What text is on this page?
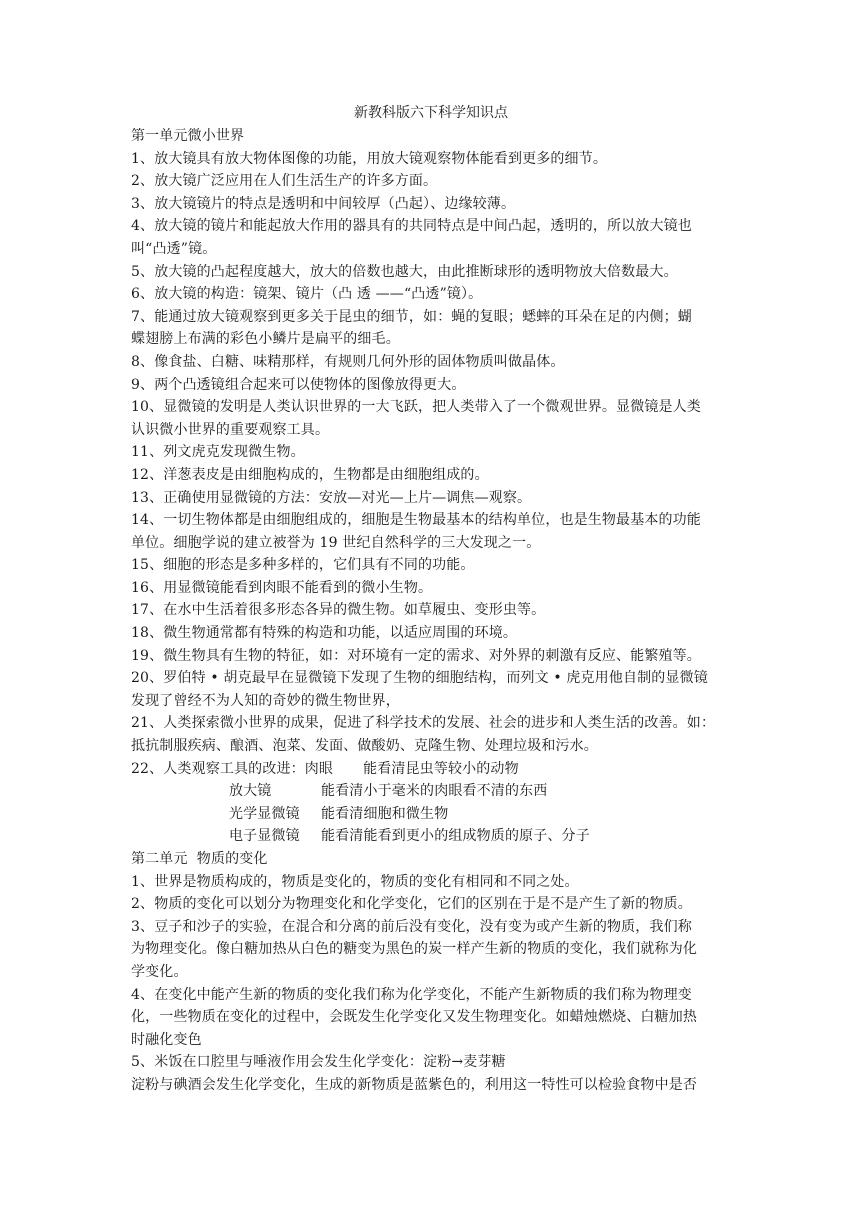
新教科版六下科学知识点
第一单元微小世界
1、放大镜具有放大物体图像的功能，用放大镜观察物体能看到更多的细节。
2、放大镜广泛应用在人们生活生产的许多方面。
3、放大镜镜片的特点是透明和中间较厚（凸起）、边缘较薄。
4、放大镜的镜片和能起放大作用的器具有的共同特点是中间凸起，透明的，所以放大镜也
叫“凸透”镜。
5、放大镜的凸起程度越大，放大的倍数也越大，由此推断球形的透明物放大倍数最大。
6、放大镜的构造：镜架、镜片（凸 透 ——“凸透”镜）。
7、能通过放大镜观察到更多关于昆虫的细节，如：蝇的复眼；蟋蟀的耳朵在足的内侧；蝴
蝶翅膀上布满的彩色小鳞片是扁平的细毛。
8、像食盐、白糖、味精那样，有规则几何外形的固体物质叫做晶体。
9、两个凸透镜组合起来可以使物体的图像放得更大。
10、显微镜的发明是人类认识世界的一大飞跃，把人类带入了一个微观世界。显微镜是人类
认识微小世界的重要观察工具。
11、列文虎克发现微生物。
12、洋葱表皮是由细胞构成的，生物都是由细胞组成的。
13、正确使用显微镜的方法：安放—对光—上片—调焦—观察。
14、一切生物体都是由细胞组成的，细胞是生物最基本的结构单位，也是生物最基本的功能
单位。细胞学说的建立被誉为 19 世纪自然科学的三大发现之一。
15、细胞的形态是多种多样的，它们具有不同的功能。
16、用显微镜能看到肉眼不能看到的微小生物。
17、在水中生活着很多形态各异的微生物。如草履虫、变形虫等。
18、微生物通常都有特殊的构造和功能，以适应周围的环境。
19、微生物具有生物的特征，如：对环境有一定的需求、对外界的刺激有反应、能繁殖等。
20、罗伯特 • 胡克最早在显微镜下发现了生物的细胞结构，而列文 • 虎克用他自制的显微镜
发现了曾经不为人知的奇妙的微生物世界，
21、人类探索微小世界的成果，促进了科学技术的发展、社会的进步和人类生活的改善。如：
抵抗制服疾病、酿酒、泡菜、发面、做酸奶、克隆生物、处理垃圾和污水。
22、人类观察工具的改进：肉眼 能看清昆虫等较小的动物
放大镜	能看清小于毫米的肉眼看不清的东西
光学显微镜 能看清细胞和微生物
电子显微镜 能看清能看到更小的组成物质的原子、分子
第二单元  物质的变化
1、世界是物质构成的，物质是变化的，物质的变化有相同和不同之处。
2、物质的变化可以划分为物理变化和化学变化，它们的区别在于是不是产生了新的物质。
3、豆子和沙子的实验，在混合和分离的前后没有变化，没有变为或产生新的物质，我们称
为物理变化。像白糖加热从白色的糖变为黑色的炭一样产生新的物质的变化，我们就称为化
学变化。
4、在变化中能产生新的物质的变化我们称为化学变化，不能产生新物质的我们称为物理变
化，一些物质在变化的过程中，会既发生化学变化又发生物理变化。如蜡烛燃烧、白糖加热
时融化变色
5、米饭在口腔里与唾液作用会发生化学变化：淀粉→麦芽糖
淀粉与碘酒会发生化学变化，生成的新物质是蓝紫色的，利用这一特性可以检验食物中是否
